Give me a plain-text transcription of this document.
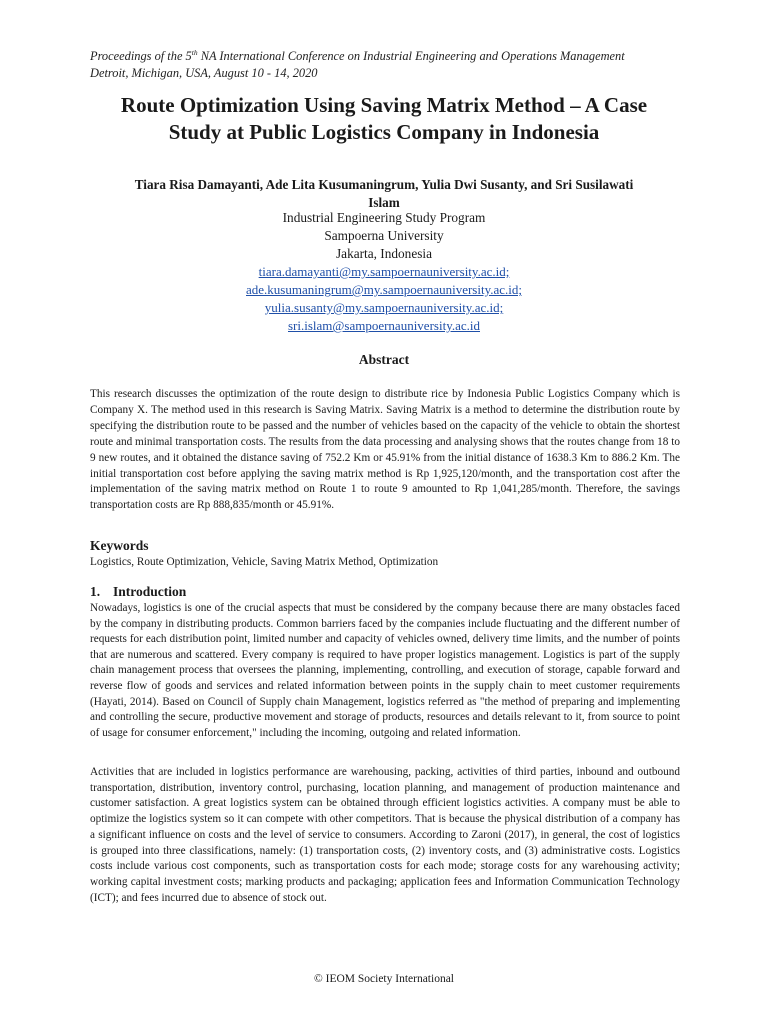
Proceedings of the 5th NA International Conference on Industrial Engineering and Operations Management
Detroit, Michigan, USA, August 10 - 14, 2020
Route Optimization Using Saving Matrix Method – A Case
Study at Public Logistics Company in Indonesia
Tiara Risa Damayanti, Ade Lita Kusumaningrum, Yulia Dwi Susanty, and Sri Susilawati
Islam
Industrial Engineering Study Program
Sampoerna University
Jakarta, Indonesia
tiara.damayanti@my.sampoernauniversity.ac.id;
ade.kusumaningrum@my.sampoernauniversity.ac.id;
yulia.susanty@my.sampoernauniversity.ac.id;
sri.islam@sampoernauniversity.ac.id
Abstract

This research discusses the optimization of the route design to distribute rice by Indonesia Public Logistics Company which is Company X. The method used in this research is Saving Matrix. Saving Matrix is a method to determine the distribution route by specifying the distribution route to be passed and the number of vehicles based on the capacity of the vehicle to obtain the shortest route and minimal transportation costs. The results from the data processing and analysing shows that the routes change from 18 to 9 new routes, and it obtained the distance saving of 752.2 Km or 45.91% from the initial distance of 1638.3 Km to 886.2 Km. The initial transportation cost before applying the saving matrix method is Rp 1,925,120/month, and the transportation cost after the implementation of the saving matrix method on Route 1 to route 9 amounted to Rp 1,041,285/month. Therefore, the savings transportation costs are Rp 888,835/month or 45.91%.

Keywords
Logistics, Route Optimization, Vehicle, Saving Matrix Method, Optimization
1. Introduction

Nowadays, logistics is one of the crucial aspects that must be considered by the company because there are many obstacles faced by the company in distributing products. Common barriers faced by the companies include fluctuating and the different number of requests for each distribution point, limited number and capacity of vehicles owned, delivery time limits, and the number of points that are numerous and scattered. Every company is required to have proper logistics management. Logistics is part of the supply chain management process that oversees the planning, implementing, controlling, and execution of storage, capable forward and reverse flow of goods and services and related information between points in the supply chain to meet customer requirements (Hayati, 2014). Based on Council of Supply chain Management, logistics referred as "the method of preparing and implementing and controlling the secure, productive movement and storage of products, resources and details relevant to it, from source to point of usage for consumer enforcement," including the incoming, outgoing and related information.

Activities that are included in logistics performance are warehousing, packing, activities of third parties, inbound and outbound transportation, distribution, inventory control, purchasing, location planning, and management of production maintenance and customer satisfaction. A great logistics system can be obtained through efficient logistics activities. A company must be able to optimize the logistics system so it can compete with other competitors. That is because the physical distribution of a company has a significant influence on costs and the level of service to consumers. According to Zaroni (2017), in general, the cost of logistics is grouped into three classifications, namely: (1) transportation costs, (2) inventory costs, and (3) administrative costs. Logistics costs include various cost components, such as transportation costs for each mode; storage costs for any warehousing activity; working capital investment costs; marking products and packaging; application fees and Information Communication Technology (ICT); and fees incurred due to absence of stock out.

© IEOM Society International
